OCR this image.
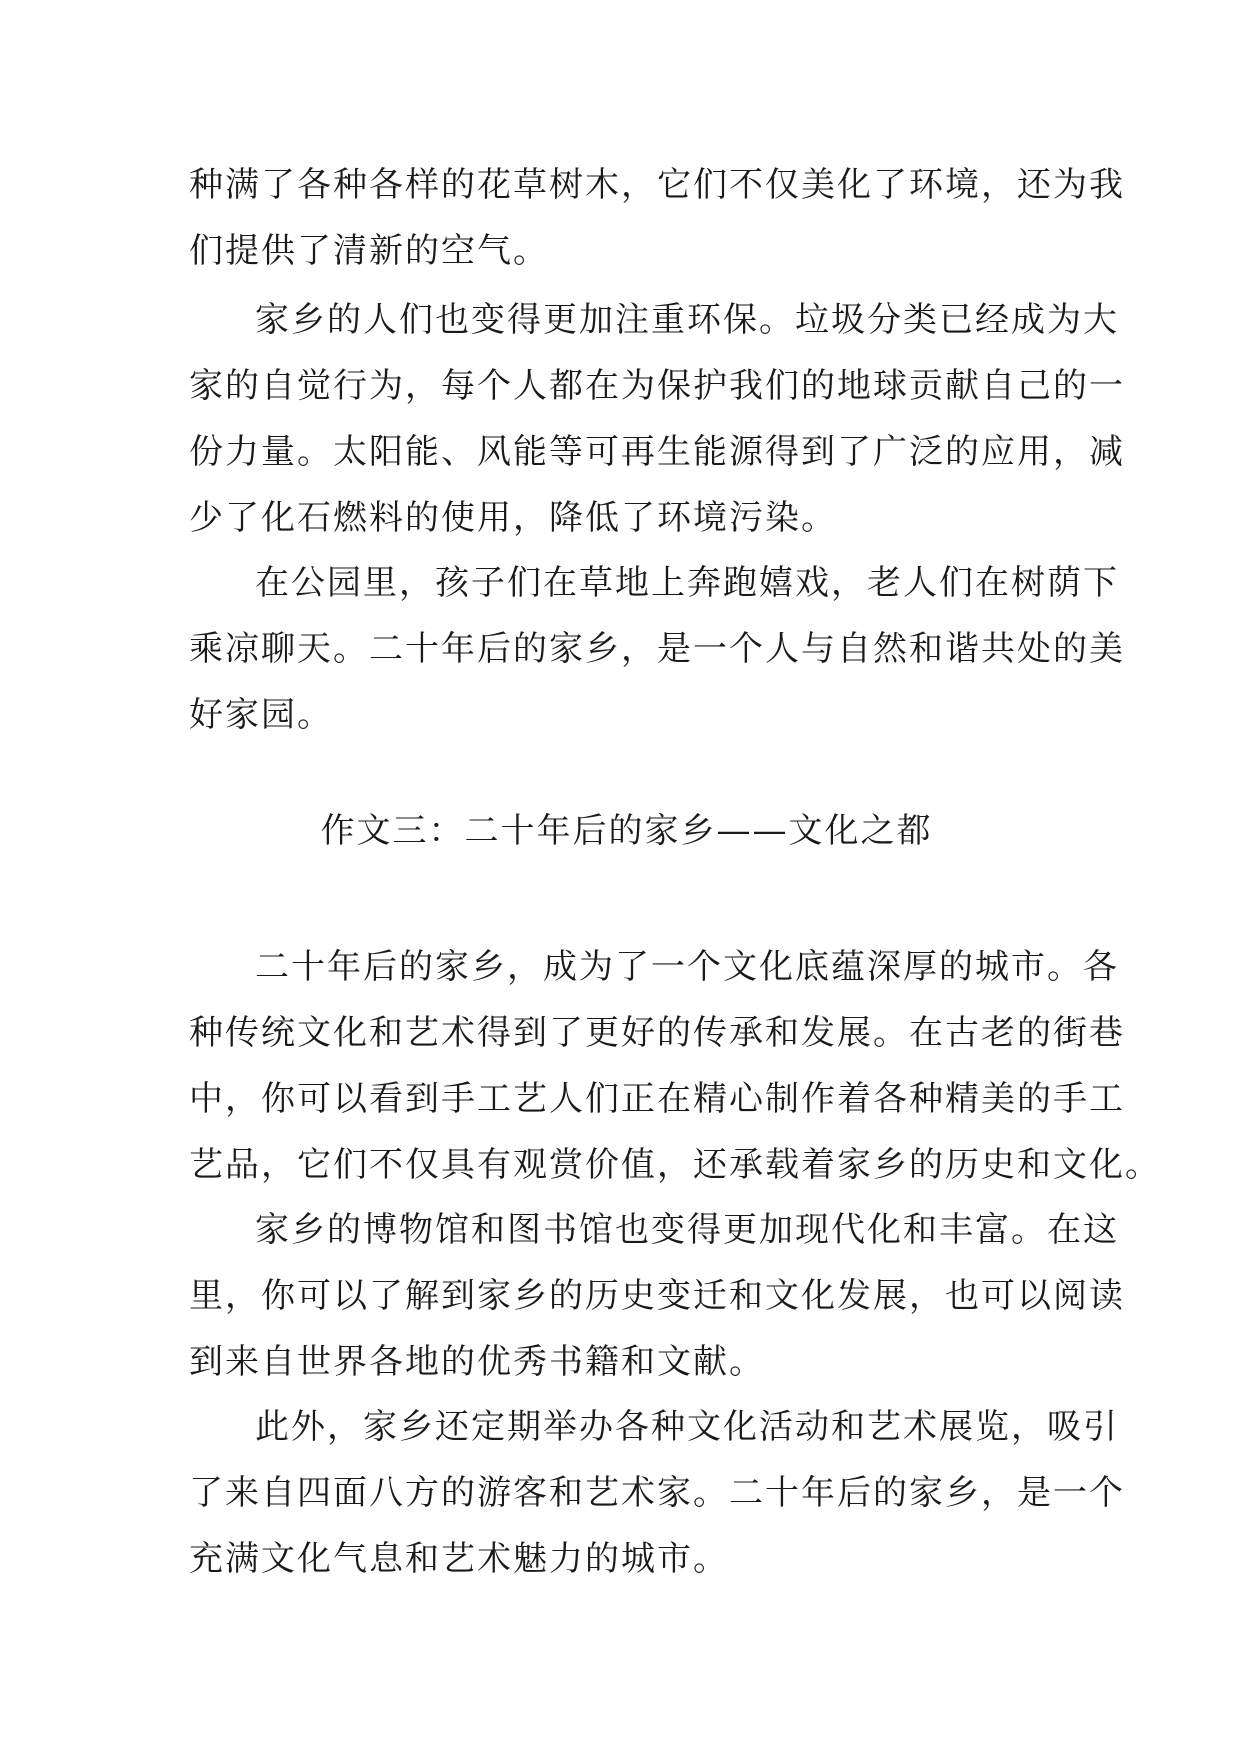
种满了各种各样的花草树木，它们不仅美化了环境，还为我
们提供了清新的空气。

家乡的人们也变得更加注重环保。垃圾分类已经成为大
家的自觉行为，每个人都在为保护我们的地球贡献自己的一
份力量。太阳能、风能等可再生能源得到了广泛的应用，减
少了化石燃料的使用，降低了环境污染。

在公园里，孩子们在草地上奔跑嬉戏，老人们在树荫下
乘凉聊天。二十年后的家乡，是一个人与自然和谐共处的美
好家园。

作文三：二十年后的家乡——文化之都

二十年后的家乡，成为了一个文化底蕴深厚的城市。各
种传统文化和艺术得到了更好的传承和发展。在古老的街巷
中，你可以看到手工艺人们正在精心制作着各种精美的手工
艺品，它们不仅具有观赏价值，还承载着家乡的历史和文化。

家乡的博物馆和图书馆也变得更加现代化和丰富。在这
里，你可以了解到家乡的历史变迁和文化发展，也可以阅读
到来自世界各地的优秀书籍和文献。

此外，家乡还定期举办各种文化活动和艺术展览，吸引
了来自四面八方的游客和艺术家。二十年后的家乡，是一个
充满文化气息和艺术魅力的城市。
